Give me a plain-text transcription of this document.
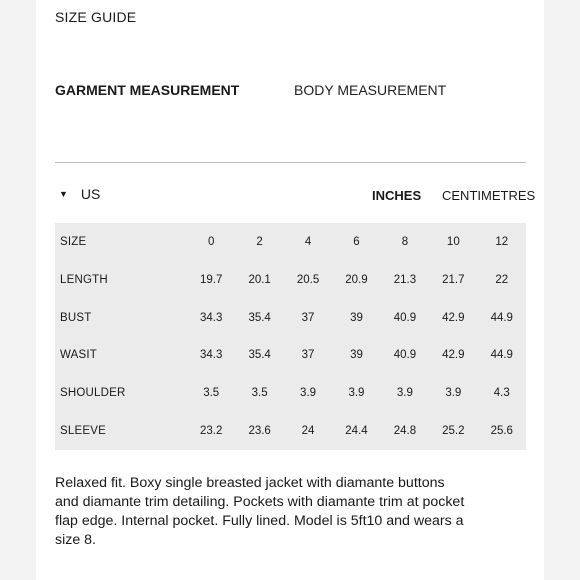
SIZE GUIDE
GARMENT MEASUREMENT	BODY MEASUREMENT
▼ US	INCHES CENTIMETRES
SIZE	0	2	4	6	8	10	12
LENGTH	19.7	20.1	20.5	20.9	21.3	21.7	22
BUST	34.3	35.4	37	39	40.9	42.9	44.9
WASIT	34.3	35.4	37	39	40.9	42.9	44.9
SHOULDER	3.5	3.5	3.9	3.9	3.9	3.9	4.3
SLEEVE	23.2	23.6	24	24.4	24.8	25.2	25.6
Relaxed fit. Boxy single breasted jacket with diamante buttons and diamante trim detailing. Pockets with diamante trim at pocket flap edge. Internal pocket. Fully lined. Model is 5ft10 and wears a size 8.
